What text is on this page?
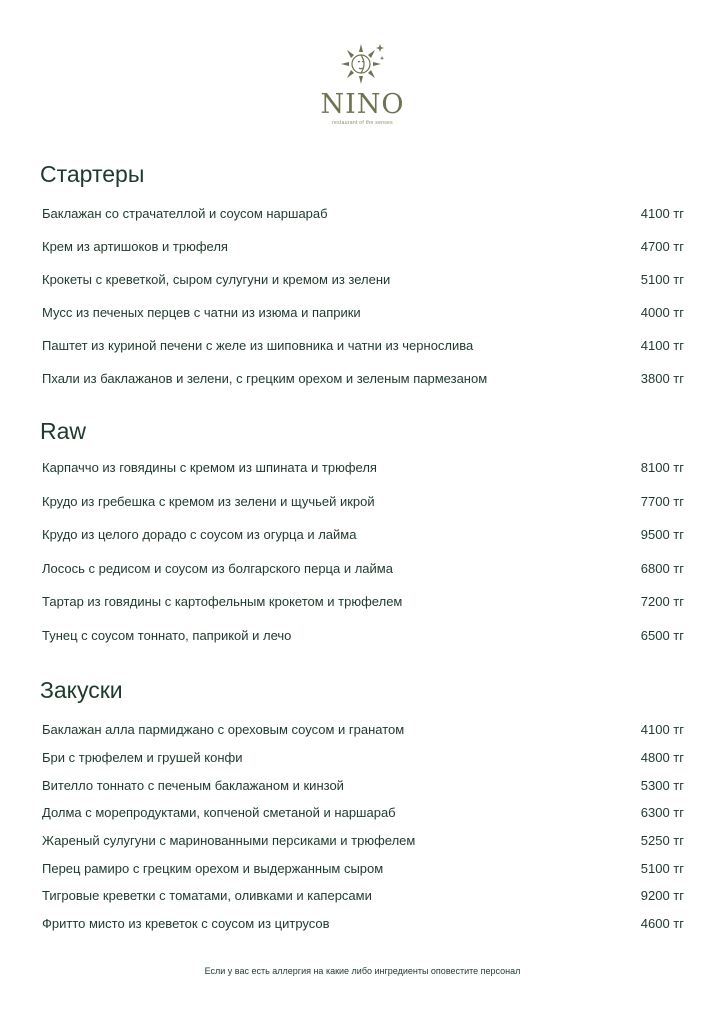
NINO
restaurant of the senses
Стартеры
Баклажан со страчателлой и соусом наршараб	4100 тг
Крем из артишоков и трюфеля	4700 тг
Крокеты с креветкой, сыром сулугуни и кремом из зелени	5100 тг
Мусс из печеных перцев с чатни из изюма и паприки	4000 тг
Паштет из куриной печени с желе из шиповника и чатни из чернослива	4100 тг
Пхали из баклажанов и зелени, с грецким орехом и зеленым пармезаном	3800 тг
Raw
Карпаччо из говядины с кремом из шпината и трюфеля	8100 тг
Крудо из гребешка с кремом из зелени и щучьей икрой	7700 тг
Крудо из целого дорадо с соусом из огурца и лайма	9500 тг
Лосось с редисом и соусом из болгарского перца и лайма	6800 тг
Тартар из говядины с картофельным крокетом и трюфелем	7200 тг
Тунец с соусом тоннато, паприкой и лечо	6500 тг
Закуски
Баклажан алла пармиджано с ореховым соусом и гранатом	4100 тг
Бри с трюфелем и грушей конфи	4800 тг
Вителло тоннато с печеным баклажаном и кинзой	5300 тг
Долма с морепродуктами, копченой сметаной и наршараб	6300 тг
Жареный сулугуни с маринованными персиками и трюфелем	5250 тг
Перец рамиро с грецким орехом и выдержанным сыром	5100 тг
Тигровые креветки с томатами, оливками и каперсами	9200 тг
Фритто мисто из креветок с соусом из цитрусов	4600 тг
Если у вас есть аллергия на какие либо ингредиенты оповестите персонал
